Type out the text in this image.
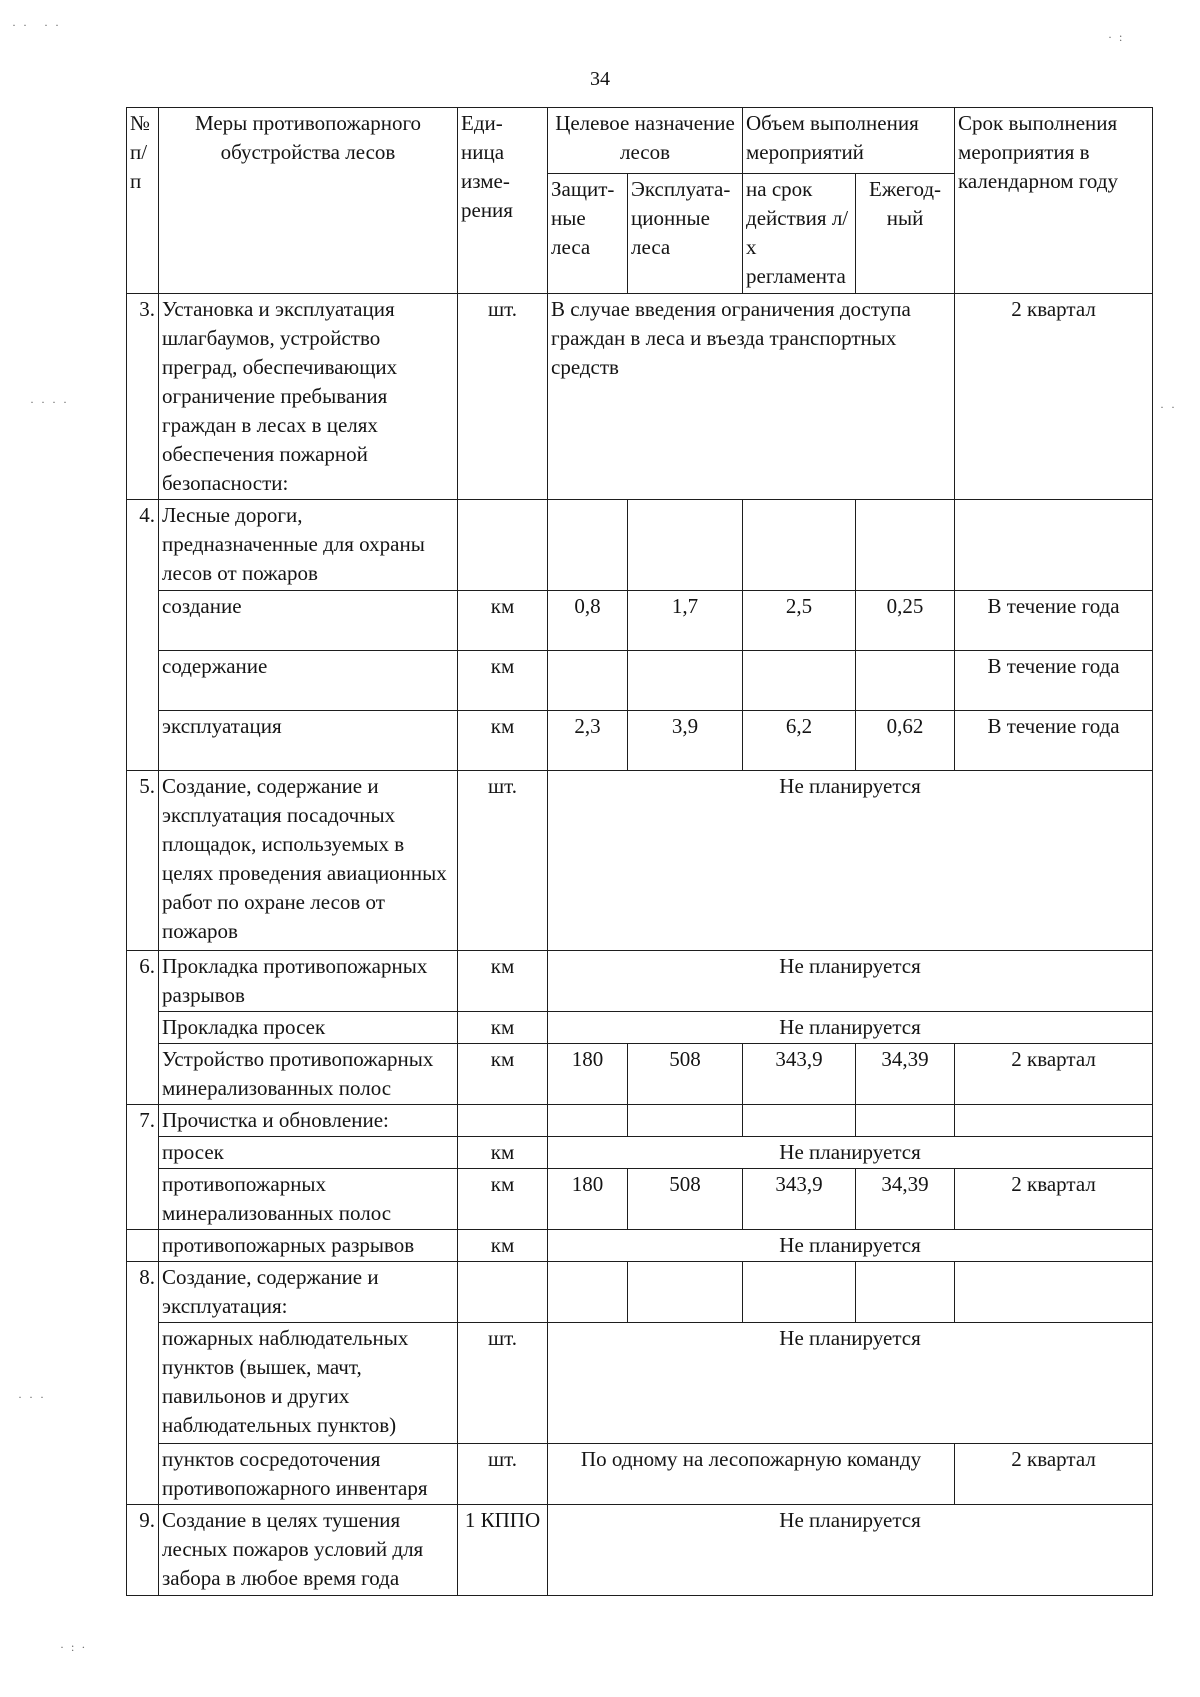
34
· ·   · ·
· :
· · · ·	· ·
· · ·
· : ·
№ п/п	Меры противопожарного обустройства лесов	Еди- ница изме- рения	Целевое назначение лесов		Объем выполнения мероприятий		Срок выполнения мероприятия в календарном году
			Защит- ные леса	Эксплуата- ционные леса	на срок действия л/х регламента	Ежегод- ный	
3.	Установка и эксплуатация шлагбаумов, устройство преград, обеспечивающих ограничение пребывания граждан в лесах в целях обеспечения пожарной безопасности:	шт.	В случае введения ограничения доступа граждан в леса и въезда транспортных средств				2 квартал
4.	Лесные дороги, предназначенные для охраны лесов от пожаров						
	создание	км	0,8	1,7	2,5	0,25	В течение года
	содержание	км					В течение года
	эксплуатация	км	2,3	3,9	6,2	0,62	В течение года
5.	Создание, содержание и эксплуатация посадочных площадок, используемых в целях проведения авиационных работ по охране лесов от пожаров	шт.	Не планируется				
6.	Прокладка противопожарных разрывов	км	Не планируется				
	Прокладка просек	км	Не планируется				
	Устройство противопожарных минерализованных полос	км	180	508	343,9	34,39	2 квартал
7.	Прочистка и обновление:						
	просек	км	Не планируется				
	противопожарных минерализованных полос	км	180	508	343,9	34,39	2 квартал
	противопожарных разрывов	км	Не планируется				
8.	Создание, содержание и эксплуатация:						
	пожарных наблюдательных пунктов (вышек, мачт, павильонов и других наблюдательных пунктов)	шт.	Не планируется				
	пунктов сосредоточения противопожарного инвентаря	шт.	По одному на лесопожарную команду				2 квартал
9.	Создание в целях тушения лесных пожаров условий для забора в любое время года	1 КППО	Не планируется				
